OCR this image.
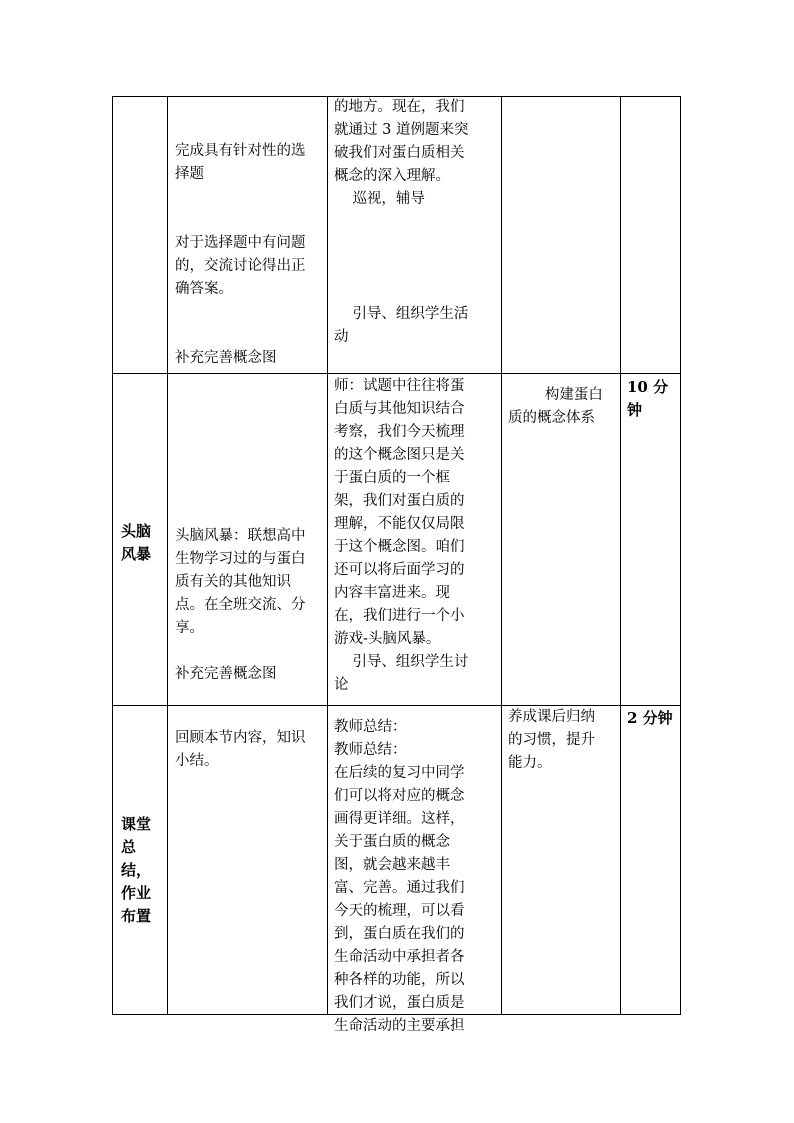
完成具有针对性的选
择题

对于选择题中有问题
的，交流讨论得出正
确答案。

补充完善概念图
的地方。现在，我们
就通过 3 道例题来突
破我们对蛋白质相关
概念的深入理解。
巡视，辅导

引导、组织学生活
动
头脑
风暴
头脑风暴：联想高中
生物学习过的与蛋白
质有关的其他知识
点。在全班交流、分
享。

补充完善概念图
师：试题中往往将蛋
白质与其他知识结合
考察，我们今天梳理
的这个概念图只是关
于蛋白质的一个框
架，我们对蛋白质的
理解，不能仅仅局限
于这个概念图。咱们
还可以将后面学习的
内容丰富进来。现
在，我们进行一个小
游戏-头脑风暴。
引导、组织学生讨
论
构建蛋白
质的概念体系
10 分
钟
课堂
总
结，
作业
布置
回顾本节内容，知识
小结。
教师总结：
教师总结：
在后续的复习中同学
们可以将对应的概念
画得更详细。这样，
关于蛋白质的概念
图，就会越来越丰
富、完善。通过我们
今天的梳理，可以看
到，蛋白质在我们的
生命活动中承担者各
种各样的功能，所以
我们才说，蛋白质是
生命活动的主要承担
养成课后归纳
的习惯，提升
能力。
2 分钟
